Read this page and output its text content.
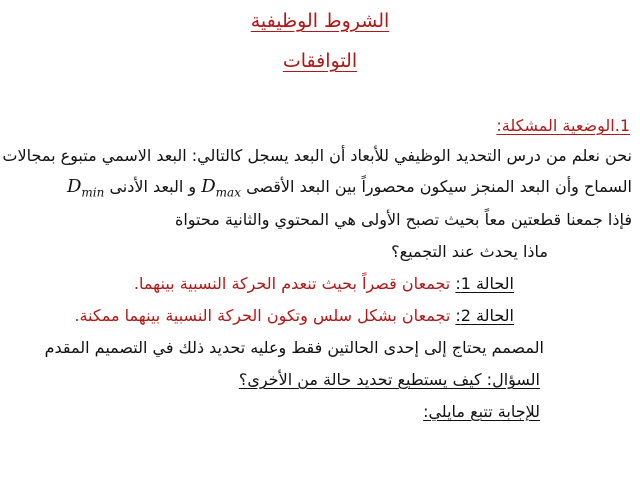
الشروط الوظيفية
التوافقات
1.الوضعية المشكلة:
نحن نعلم من درس التحديد الوظيفي للأبعاد أن البعد يسجل كالتالي: البعد الاسمي متبوع بمجالات
السماح وأن البعد المنجز سيكون محصوراً بين البعد الأقصى $D_{max}$ و البعد الأدنى $D_{min}$
فإذا جمعنا قطعتين معاً بحيث تصبح الأولى هي المحتوي والثانية محتواة
ماذا يحدث عند التجميع؟
الحالة 1: تجمعان قصراً بحيث تنعدم الحركة النسبية بينهما.
الحالة 2: تجمعان بشكل سلس وتكون الحركة النسبية بينهما ممكنة.
المصمم يحتاج إلى إحدى الحالتين فقط وعليه تحديد ذلك في التصميم المقدم
السؤال: كيف يستطيع تحديد حالة من الأخرى؟
للإجابة تتبع مايلي:
